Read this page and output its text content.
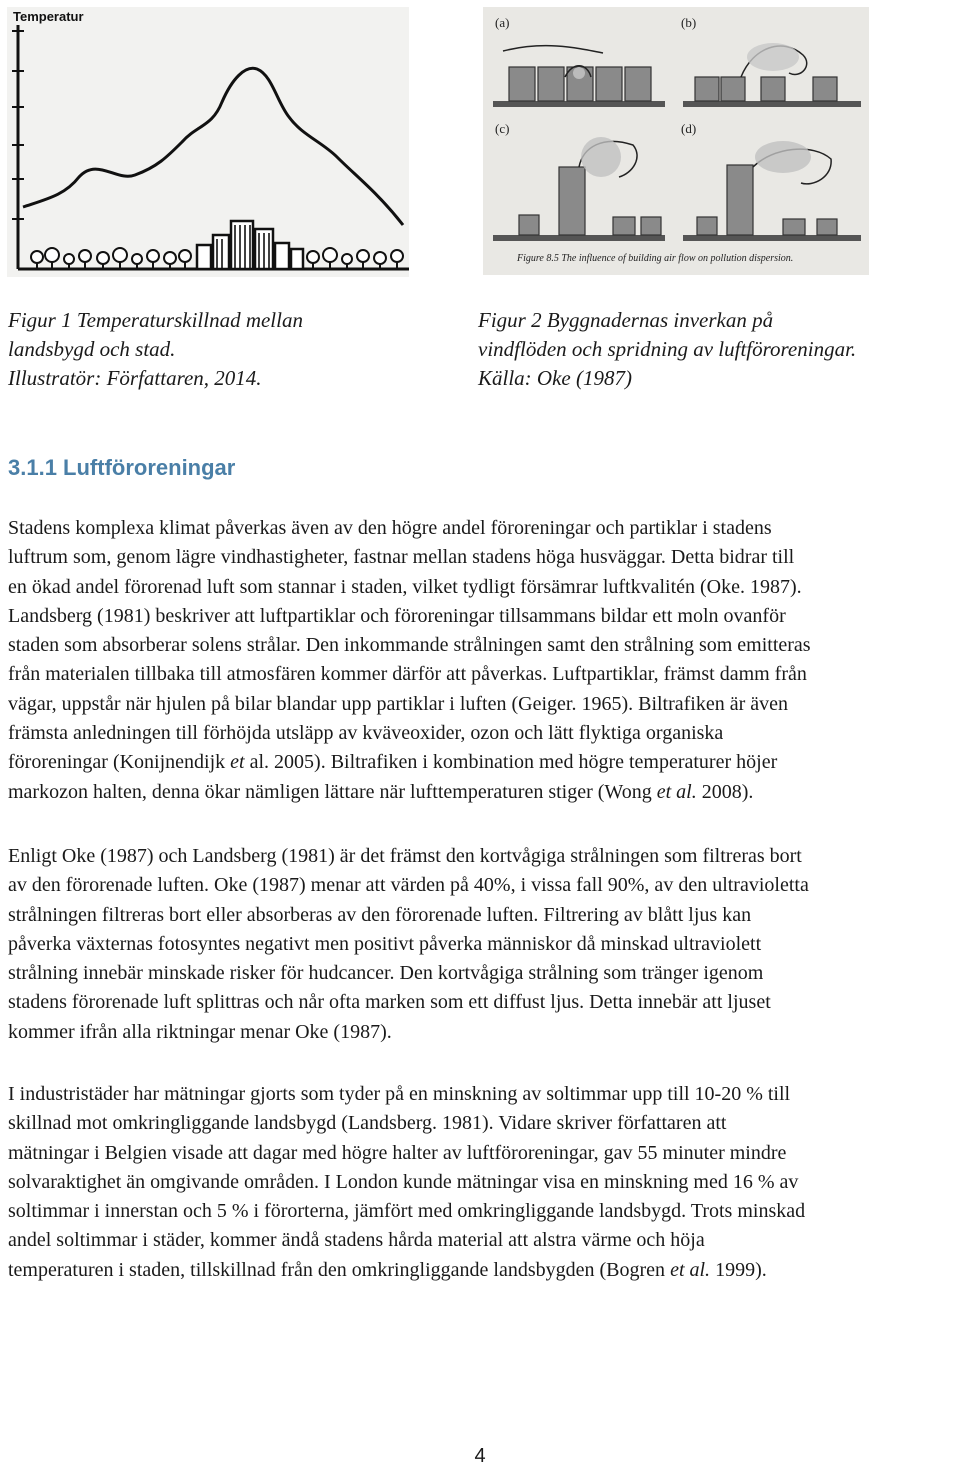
Temperatur	(a)	(b)
(c)	(d)
Figure 8.5 The influence of building air flow on pollution dispersion.
Figur 1 Temperaturskillnad mellan
landsbygd och stad.
Illustratör: Författaren, 2014.
Figur 2 Byggnadernas inverkan på
vindflöden och spridning av luftföroreningar.
Källa: Oke (1987)
3.1.1 Luftföroreningar
Stadens komplexa klimat påverkas även av den högre andel föroreningar och partiklar i stadens
luftrum som, genom lägre vindhastigheter, fastnar mellan stadens höga husväggar. Detta bidrar till
en ökad andel förorenad luft som stannar i staden, vilket tydligt försämrar luftkvalitén (Oke. 1987).
Landsberg (1981) beskriver att luftpartiklar och föroreningar tillsammans bildar ett moln ovanför
staden som absorberar solens strålar. Den inkommande strålningen samt den strålning som emitteras
från materialen tillbaka till atmosfären kommer därför att påverkas. Luftpartiklar, främst damm från
vägar, uppstår när hjulen på bilar blandar upp partiklar i luften (Geiger. 1965). Biltrafiken är även
främsta anledningen till förhöjda utsläpp av kväveoxider, ozon och lätt flyktiga organiska
föroreningar (Konijnendijk et al. 2005). Biltrafiken i kombination med högre temperaturer höjer
markozon halten, denna ökar nämligen lättare när lufttemperaturen stiger (Wong et al. 2008).
Enligt Oke (1987) och Landsberg (1981) är det främst den kortvågiga strålningen som filtreras bort
av den förorenade luften. Oke (1987) menar att värden på 40%, i vissa fall 90%, av den ultravioletta
strålningen filtreras bort eller absorberas av den förorenade luften. Filtrering av blått ljus kan
påverka växternas fotosyntes negativt men positivt påverka människor då minskad ultraviolett
strålning innebär minskade risker för hudcancer. Den kortvågiga strålning som tränger igenom
stadens förorenade luft splittras och når ofta marken som ett diffust ljus. Detta innebär att ljuset
kommer ifrån alla riktningar menar Oke (1987).
I industristäder har mätningar gjorts som tyder på en minskning av soltimmar upp till 10-20 % till
skillnad mot omkringliggande landsbygd (Landsberg. 1981). Vidare skriver författaren att
mätningar i Belgien visade att dagar med högre halter av luftföroreningar, gav 55 minuter mindre
solvaraktighet än omgivande områden. I London kunde mätningar visa en minskning med 16 % av
soltimmar i innerstan och 5 % i förorterna, jämfört med omkringliggande landsbygd. Trots minskad
andel soltimmar i städer, kommer ändå stadens hårda material att alstra värme och höja
temperaturen i staden, tillskillnad från den omkringliggande landsbygden (Bogren et al. 1999).
4
